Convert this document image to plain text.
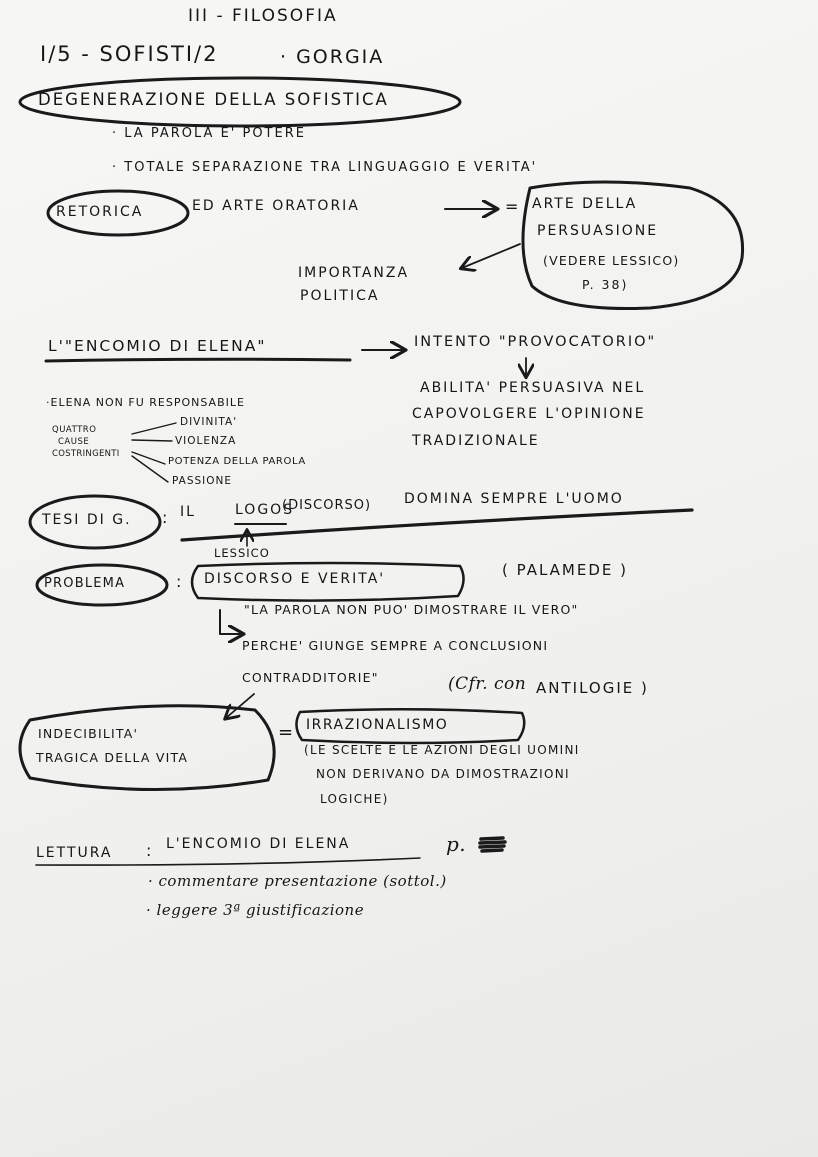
III - FILOSOFIA
I/5 - SOFISTI/2	· GORGIA
DEGENERAZIONE DELLA SOFISTICA
· LA PAROLA E' POTERE
· TOTALE SEPARAZIONE TRA LINGUAGGIO E VERITA'
RETORICA	ED ARTE ORATORIA	= ARTE DELLA
PERSUASIONE
(VEDERE LESSICO)
P. 38)
IMPORTANZA
POLITICA
L'"ENCOMIO DI ELENA"	INTENTO "PROVOCATORIO"
ABILITA' PERSUASIVA NEL
CAPOVOLGERE L'OPINIONE
TRADIZIONALE
·ELENA NON FU RESPONSABILE
QUATTRO
CAUSE
COSTRINGENTI
DIVINITA'
VIOLENZA
POTENZA DELLA PAROLA
PASSIONE
TESI DI G. : IL	LOGOS
(DISCORSO) DOMINA SEMPRE L'UOMO
LESSICO
PROBLEMA	: DISCORSO E VERITA'	( PALAMEDE )
"LA PAROLA NON PUO' DIMOSTRARE IL VERO"
PERCHE' GIUNGE SEMPRE A CONCLUSIONI
CONTRADDITORIE"	(Cfr. con ANTILOGIE )
INDECIBILITA'
TRAGICA DELLA VITA
= IRRAZIONALISMO
(LE SCELTE E LE AZIONI DEGLI UOMINI
NON DERIVANO DA DIMOSTRAZIONI
LOGICHE)
LETTURA : L'ENCOMIO DI ELENA	p.
· commentare presentazione (sottol.)
· leggere 3ª giustificazione
